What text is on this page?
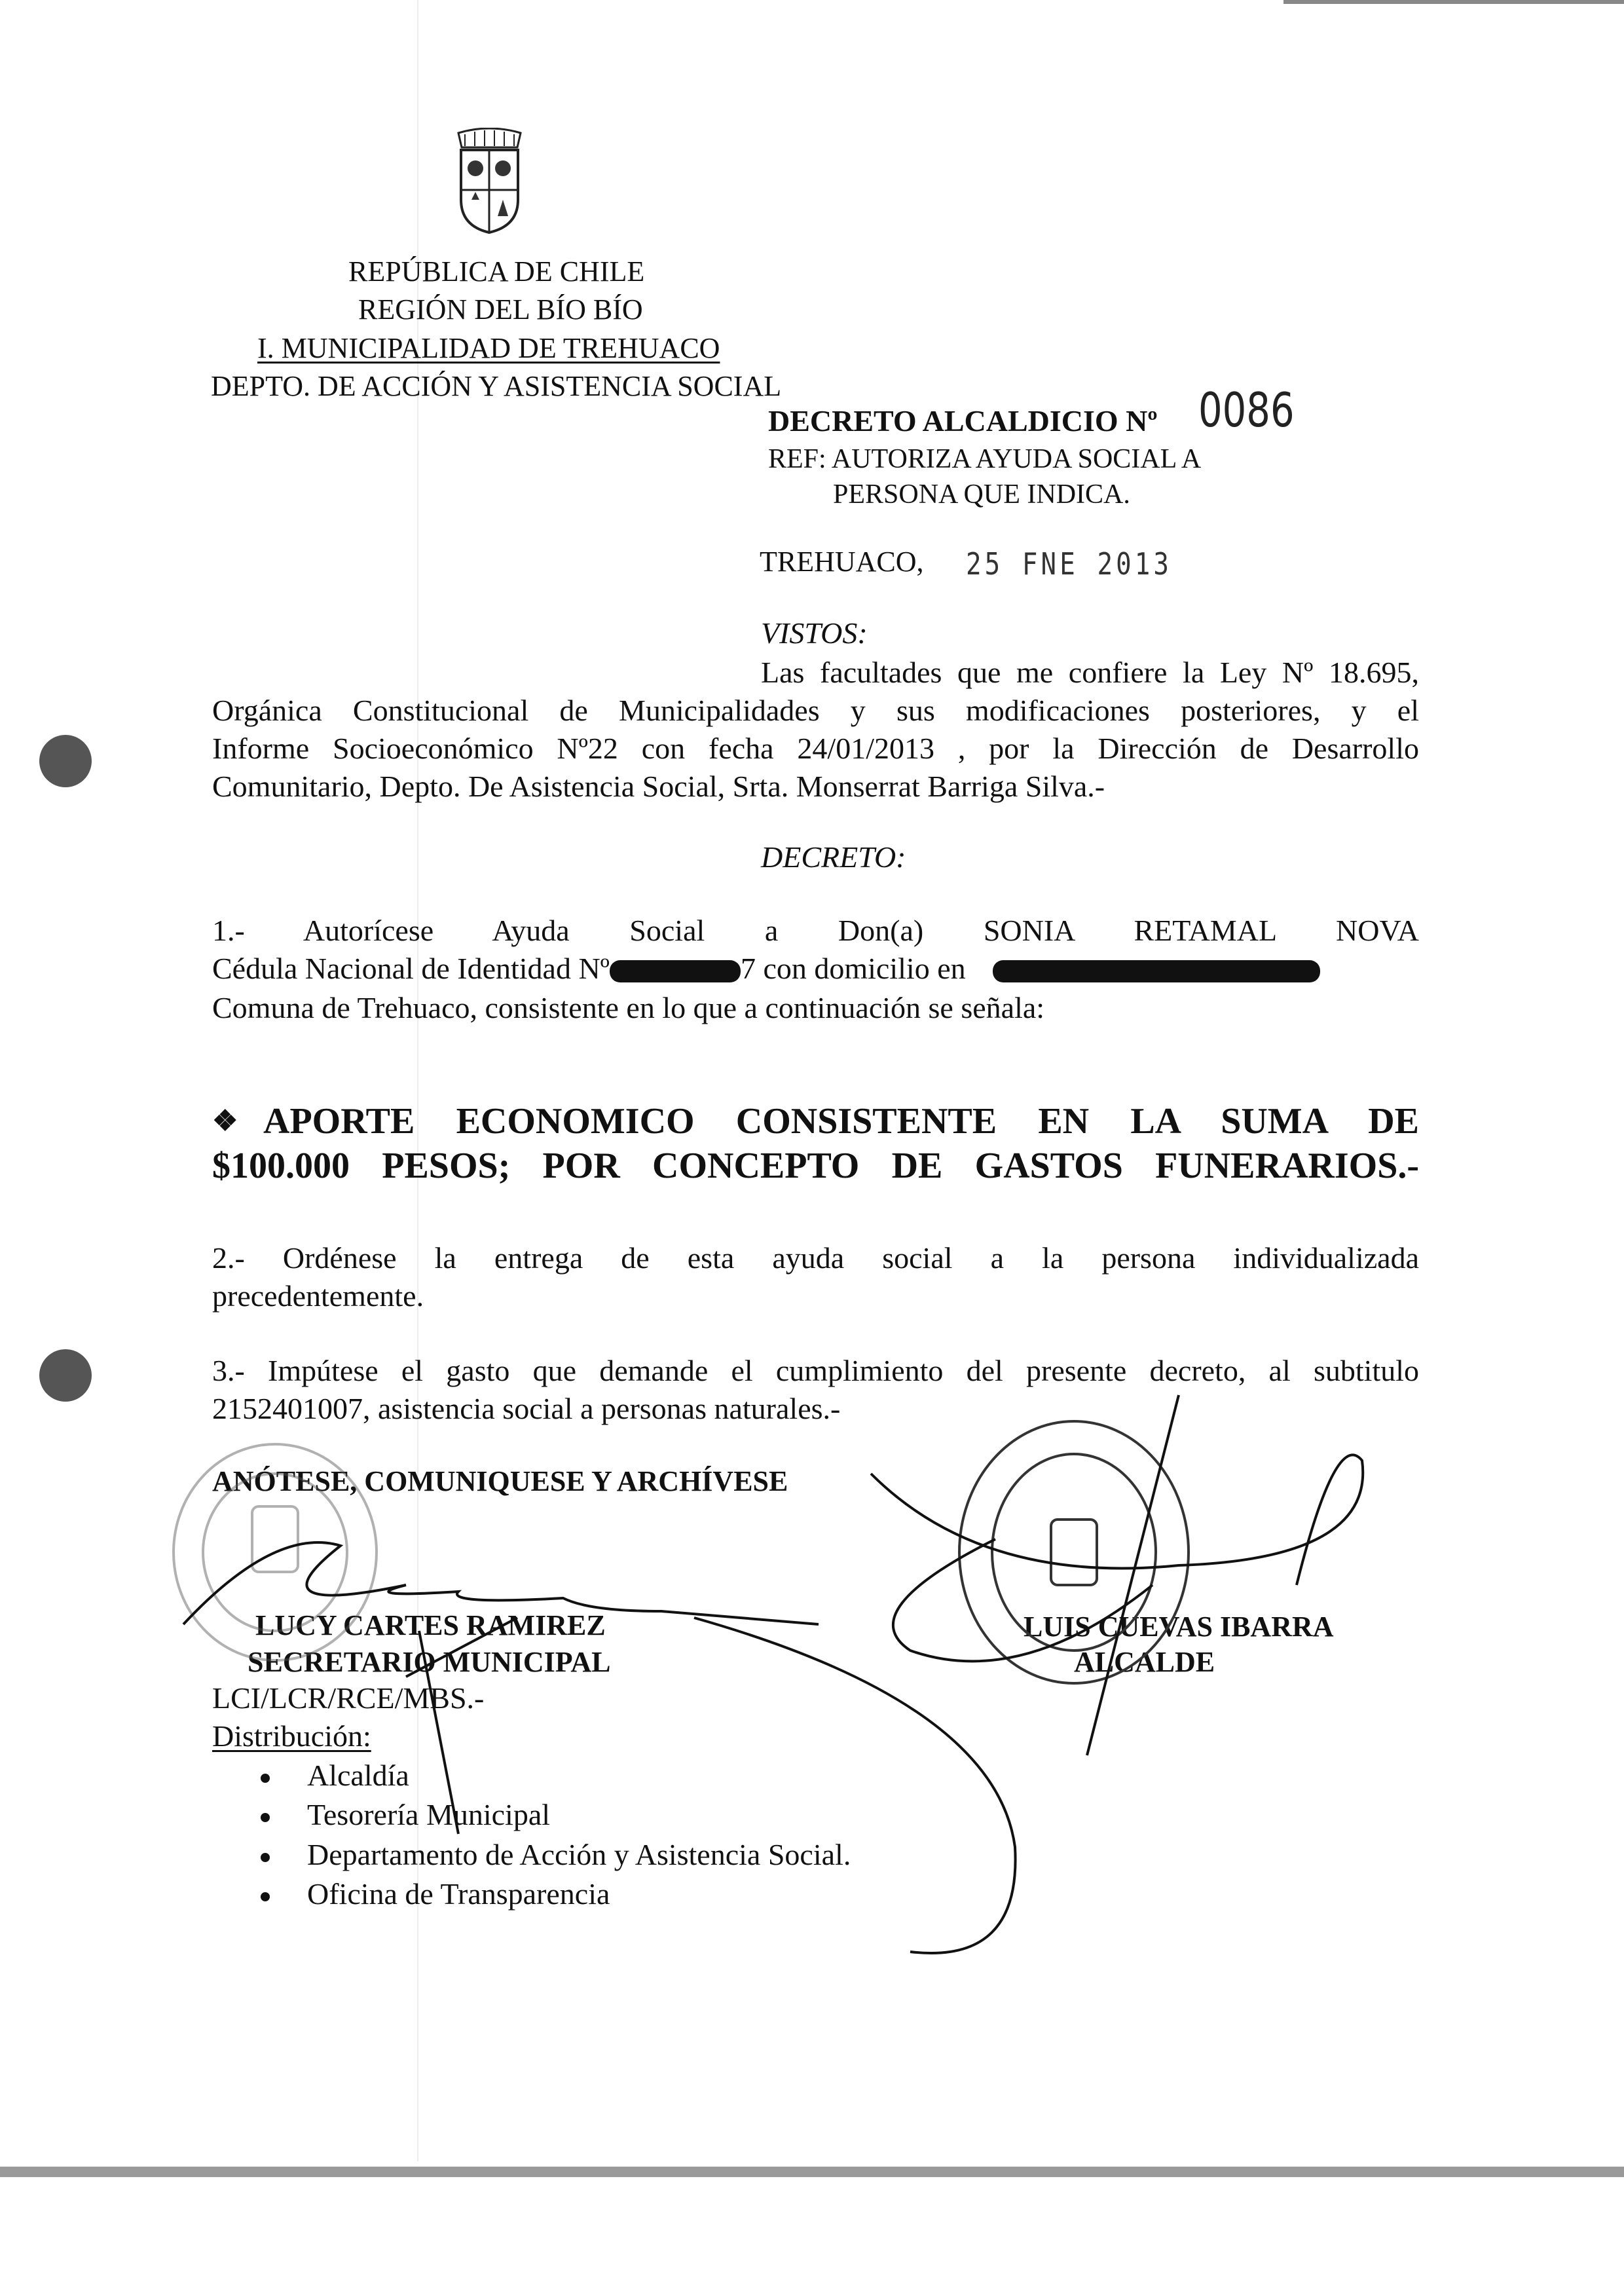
REPÚBLICA DE CHILE
REGIÓN DEL BÍO BÍO
I. MUNICIPALIDAD DE TREHUACO
DEPTO. DE ACCIÓN Y ASISTENCIA SOCIAL
DECRETO ALCALDICIO Nº 0086
REF: AUTORIZA AYUDA SOCIAL A
PERSONA QUE INDICA.
TREHUACO, 25 FNE 2013
VISTOS:
Las facultades que me confiere la Ley Nº 18.695,
Orgánica Constitucional de Municipalidades y sus modificaciones posteriores, y el
Informe Socioeconómico Nº22 con fecha 24/01/2013 , por la Dirección de Desarrollo
Comunitario, Depto. De Asistencia Social, Srta. Monserrat Barriga Silva.-
DECRETO:
1.- Autorícese Ayuda Social a Don(a) SONIA RETAMAL NOVA
Cédula Nacional de Identidad Nº	7 con domicilio en
Comuna de Trehuaco, consistente en lo que a continuación se señala:
❖ APORTE ECONOMICO CONSISTENTE EN LA SUMA DE
$100.000 PESOS; POR CONCEPTO DE GASTOS FUNERARIOS.-
2.- Ordénese la entrega de esta ayuda social a la persona individualizada
precedentemente.
3.- Impútese el gasto que demande el cumplimiento del presente decreto, al subtitulo
2152401007, asistencia social a personas naturales.-
ANÓTESE, COMUNIQUESE Y ARCHÍVESE
LUCY CARTES RAMIREZ
SECRETARIO MUNICIPAL
LUIS CUEVAS IBARRA
ALCALDE
LCI/LCR/RCE/MBS.-
Distribución:
Alcaldía
Tesorería Municipal
Departamento de Acción y Asistencia Social.
Oficina de Transparencia
